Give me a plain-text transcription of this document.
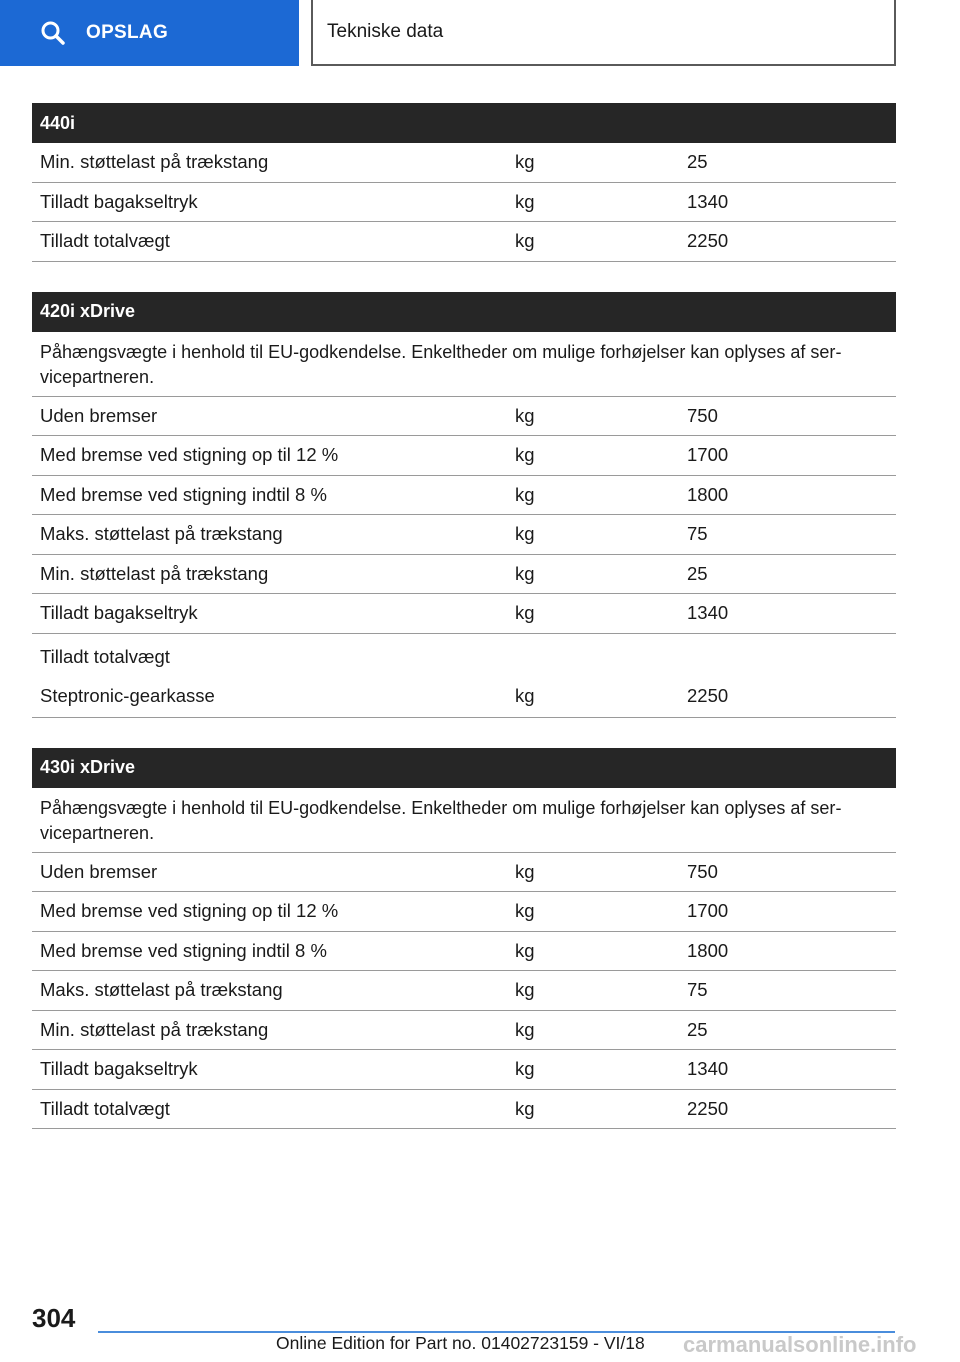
OPSLAG	Tekniske data
440i
Min. støttelast på trækstang	kg	25
Tilladt bagakseltryk	kg	1340
Tilladt totalvægt	kg	2250
420i xDrive
Påhængsvægte i henhold til EU-godkendelse. Enkeltheder om mulige forhøjelser kan oplyses af servicepartneren.
Uden bremser	kg	750
Med bremse ved stigning op til 12 %	kg	1700
Med bremse ved stigning indtil 8 %	kg	1800
Maks. støttelast på trækstang	kg	75
Min. støttelast på trækstang	kg	25
Tilladt bagakseltryk	kg	1340
Tilladt totalvægt
Steptronic-gearkasse	kg	2250
430i xDrive
Påhængsvægte i henhold til EU-godkendelse. Enkeltheder om mulige forhøjelser kan oplyses af servicepartneren.
Uden bremser	kg	750
Med bremse ved stigning op til 12 %	kg	1700
Med bremse ved stigning indtil 8 %	kg	1800
Maks. støttelast på trækstang	kg	75
Min. støttelast på trækstang	kg	25
Tilladt bagakseltryk	kg	1340
Tilladt totalvægt	kg	2250
304
Online Edition for Part no. 01402723159 - VI/18 carmanualsonline.info
